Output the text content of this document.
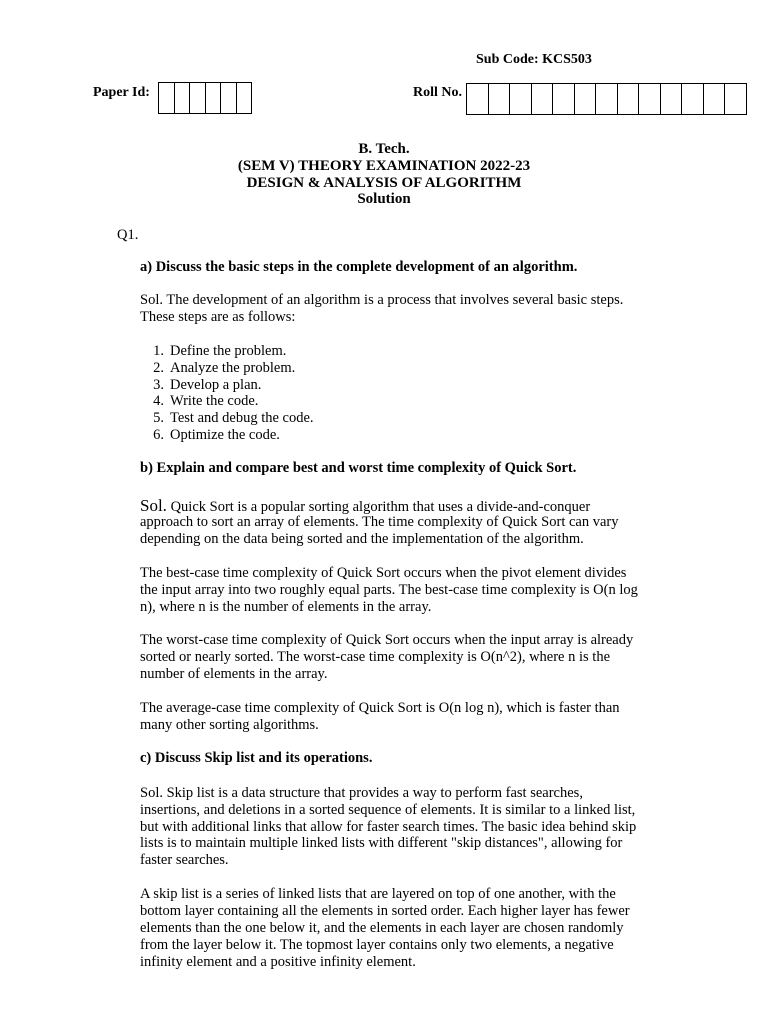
Sub Code: KCS503
Paper Id:	Roll No.
B. Tech.
(SEM V) THEORY EXAMINATION 2022-23
DESIGN & ANALYSIS OF ALGORITHM
Solution
Q1.
a) Discuss the basic steps in the complete development of an algorithm.
Sol. The development of an algorithm is a process that involves several basic steps.
These steps are as follows:
1. Define the problem.
2. Analyze the problem.
3. Develop a plan.
4. Write the code.
5. Test and debug the code.
6. Optimize the code.
b) Explain and compare best and worst time complexity of Quick Sort.
Sol. Quick Sort is a popular sorting algorithm that uses a divide-and-conquer
approach to sort an array of elements. The time complexity of Quick Sort can vary
depending on the data being sorted and the implementation of the algorithm.
The best-case time complexity of Quick Sort occurs when the pivot element divides
the input array into two roughly equal parts. The best-case time complexity is O(n log
n), where n is the number of elements in the array.
The worst-case time complexity of Quick Sort occurs when the input array is already
sorted or nearly sorted. The worst-case time complexity is O(n^2), where n is the
number of elements in the array.
The average-case time complexity of Quick Sort is O(n log n), which is faster than
many other sorting algorithms.
c) Discuss Skip list and its operations.
Sol. Skip list is a data structure that provides a way to perform fast searches,
insertions, and deletions in a sorted sequence of elements. It is similar to a linked list,
but with additional links that allow for faster search times. The basic idea behind skip
lists is to maintain multiple linked lists with different "skip distances", allowing for
faster searches.
A skip list is a series of linked lists that are layered on top of one another, with the
bottom layer containing all the elements in sorted order. Each higher layer has fewer
elements than the one below it, and the elements in each layer are chosen randomly
from the layer below it. The topmost layer contains only two elements, a negative
infinity element and a positive infinity element.
